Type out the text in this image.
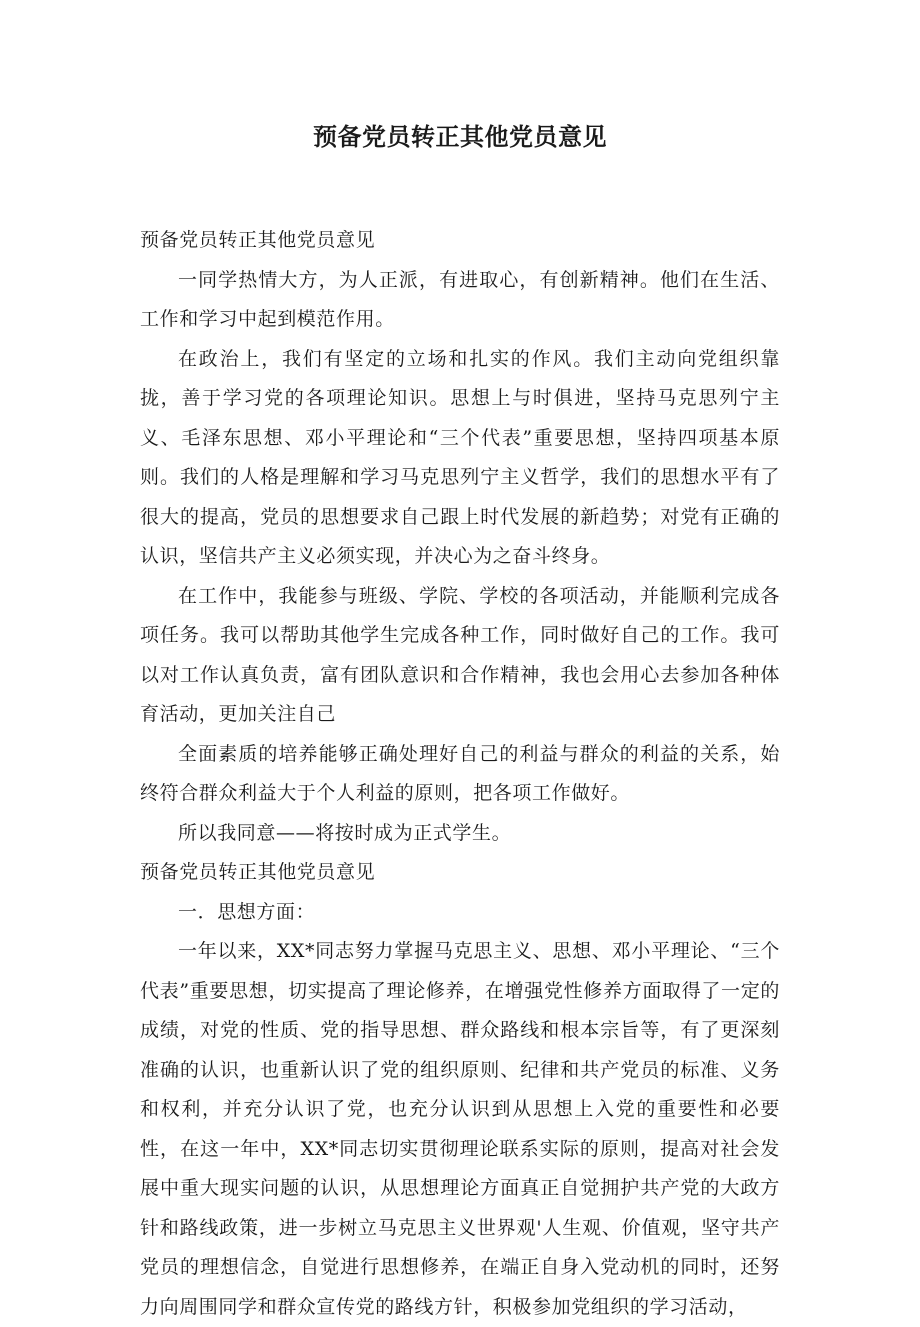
预备党员转正其他党员意见

预备党员转正其他党员意见

一同学热情大方，为人正派，有进取心，有创新精神。他们在生活、工作和学习中起到模范作用。

在政治上，我们有坚定的立场和扎实的作风。我们主动向党组织靠拢，善于学习党的各项理论知识。思想上与时俱进，坚持马克思列宁主义、毛泽东思想、邓小平理论和“三个代表”重要思想，坚持四项基本原则。我们的人格是理解和学习马克思列宁主义哲学，我们的思想水平有了很大的提高，党员的思想要求自己跟上时代发展的新趋势；对党有正确的认识，坚信共产主义必须实现，并决心为之奋斗终身。

在工作中，我能参与班级、学院、学校的各项活动，并能顺利完成各项任务。我可以帮助其他学生完成各种工作，同时做好自己的工作。我可以对工作认真负责，富有团队意识和合作精神，我也会用心去参加各种体育活动，更加关注自己

全面素质的培养能够正确处理好自己的利益与群众的利益的关系，始终符合群众利益大于个人利益的原则，把各项工作做好。

所以我同意——将按时成为正式学生。

预备党员转正其他党员意见

一．思想方面：

一年以来，XX*同志努力掌握马克思主义、思想、邓小平理论、“三个代表”重要思想，切实提高了理论修养，在增强党性修养方面取得了一定的成绩，对党的性质、党的指导思想、群众路线和根本宗旨等，有了更深刻准确的认识，也重新认识了党的组织原则、纪律和共产党员的标准、义务和权利，并充分认识了党，也充分认识到从思想上入党的重要性和必要性，在这一年中，XX*同志切实贯彻理论联系实际的原则，提高对社会发展中重大现实问题的认识，从思想理论方面真正自觉拥护共产党的大政方针和路线政策，进一步树立马克思主义世界观'人生观、价值观，坚守共产党员的理想信念，自觉进行思想修养，在端正自身入党动机的同时，还努力向周围同学和群众宣传党的路线方针，积极参加党组织的学习活动，
